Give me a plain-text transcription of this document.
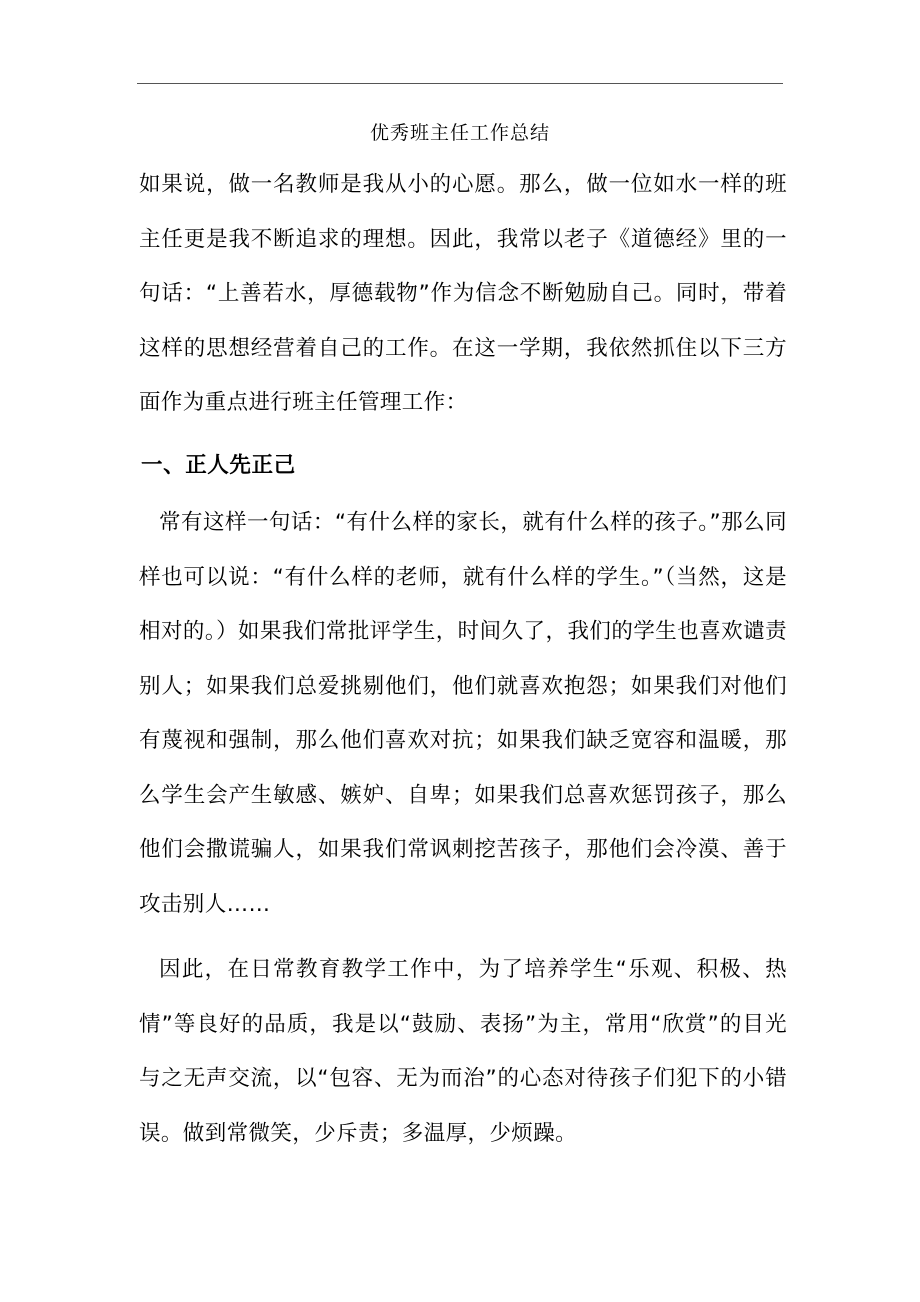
优秀班主任工作总结

如果说，做一名教师是我从小的心愿。那么，做一位如水一样的班主任更是我不断追求的理想。因此，我常以老子《道德经》里的一句话：“上善若水，厚德载物”作为信念不断勉励自己。同时，带着这样的思想经营着自己的工作。在这一学期，我依然抓住以下三方面作为重点进行班主任管理工作：

一、正人先正己

常有这样一句话：“有什么样的家长，就有什么样的孩子。”那么同样也可以说：“有什么样的老师，就有什么样的学生。”（当然，这是相对的。）如果我们常批评学生，时间久了，我们的学生也喜欢谴责别人；如果我们总爱挑剔他们，他们就喜欢抱怨；如果我们对他们有蔑视和强制，那么他们喜欢对抗；如果我们缺乏宽容和温暖，那么学生会产生敏感、嫉妒、自卑；如果我们总喜欢惩罚孩子，那么他们会撒谎骗人，如果我们常讽刺挖苦孩子，那他们会冷漠、善于攻击别人……

因此，在日常教育教学工作中，为了培养学生“乐观、积极、热情”等良好的品质，我是以“鼓励、表扬”为主，常用“欣赏”的目光与之无声交流，以“包容、无为而治”的心态对待孩子们犯下的小错误。做到常微笑，少斥责；多温厚，少烦躁。
